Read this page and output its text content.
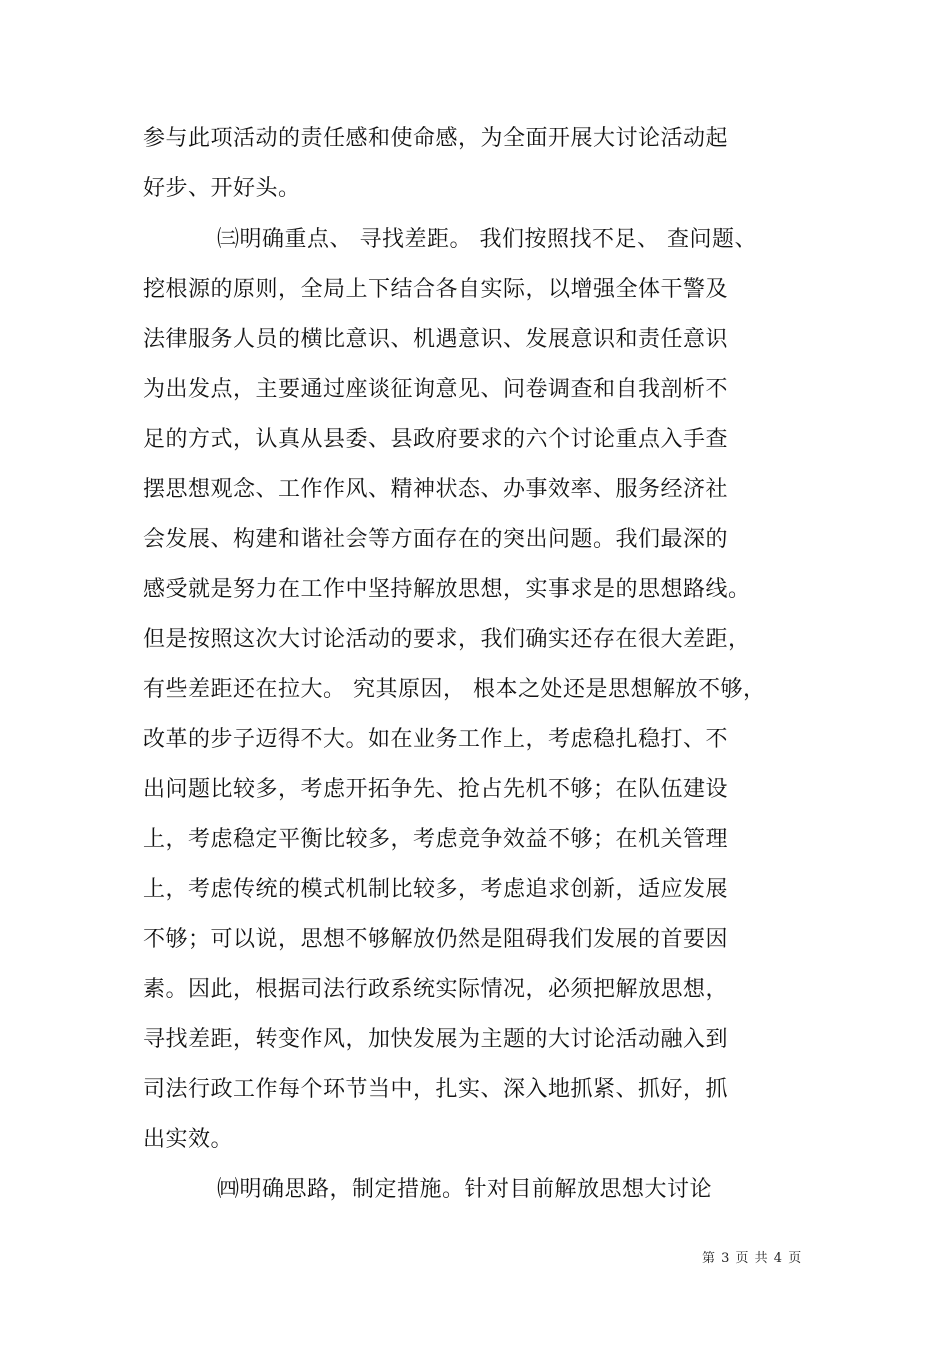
参与此项活动的责任感和使命感，为全面开展大讨论活动起
好步、开好头。
㈢明确重点、 寻找差距。 我们按照找不足、 查问题、
挖根源的原则，全局上下结合各自实际，以增强全体干警及
法律服务人员的横比意识、机遇意识、发展意识和责任意识
为出发点，主要通过座谈征询意见、问卷调查和自我剖析不
足的方式，认真从县委、县政府要求的六个讨论重点入手查
摆思想观念、工作作风、精神状态、办事效率、服务经济社
会发展、构建和谐社会等方面存在的突出问题。我们最深的
感受就是努力在工作中坚持解放思想，实事求是的思想路线。
但是按照这次大讨论活动的要求，我们确实还存在很大差距，
有些差距还在拉大。 究其原因， 根本之处还是思想解放不够，
改革的步子迈得不大。如在业务工作上，考虑稳扎稳打、不
出问题比较多，考虑开拓争先、抢占先机不够；在队伍建设
上，考虑稳定平衡比较多，考虑竞争效益不够；在机关管理
上，考虑传统的模式机制比较多，考虑追求创新，适应发展
不够；可以说，思想不够解放仍然是阻碍我们发展的首要因
素。因此，根据司法行政系统实际情况，必须把解放思想，
寻找差距，转变作风，加快发展为主题的大讨论活动融入到
司法行政工作每个环节当中，扎实、深入地抓紧、抓好，抓
出实效。
㈣明确思路，制定措施。针对目前解放思想大讨论
第 3 页 共 4 页
